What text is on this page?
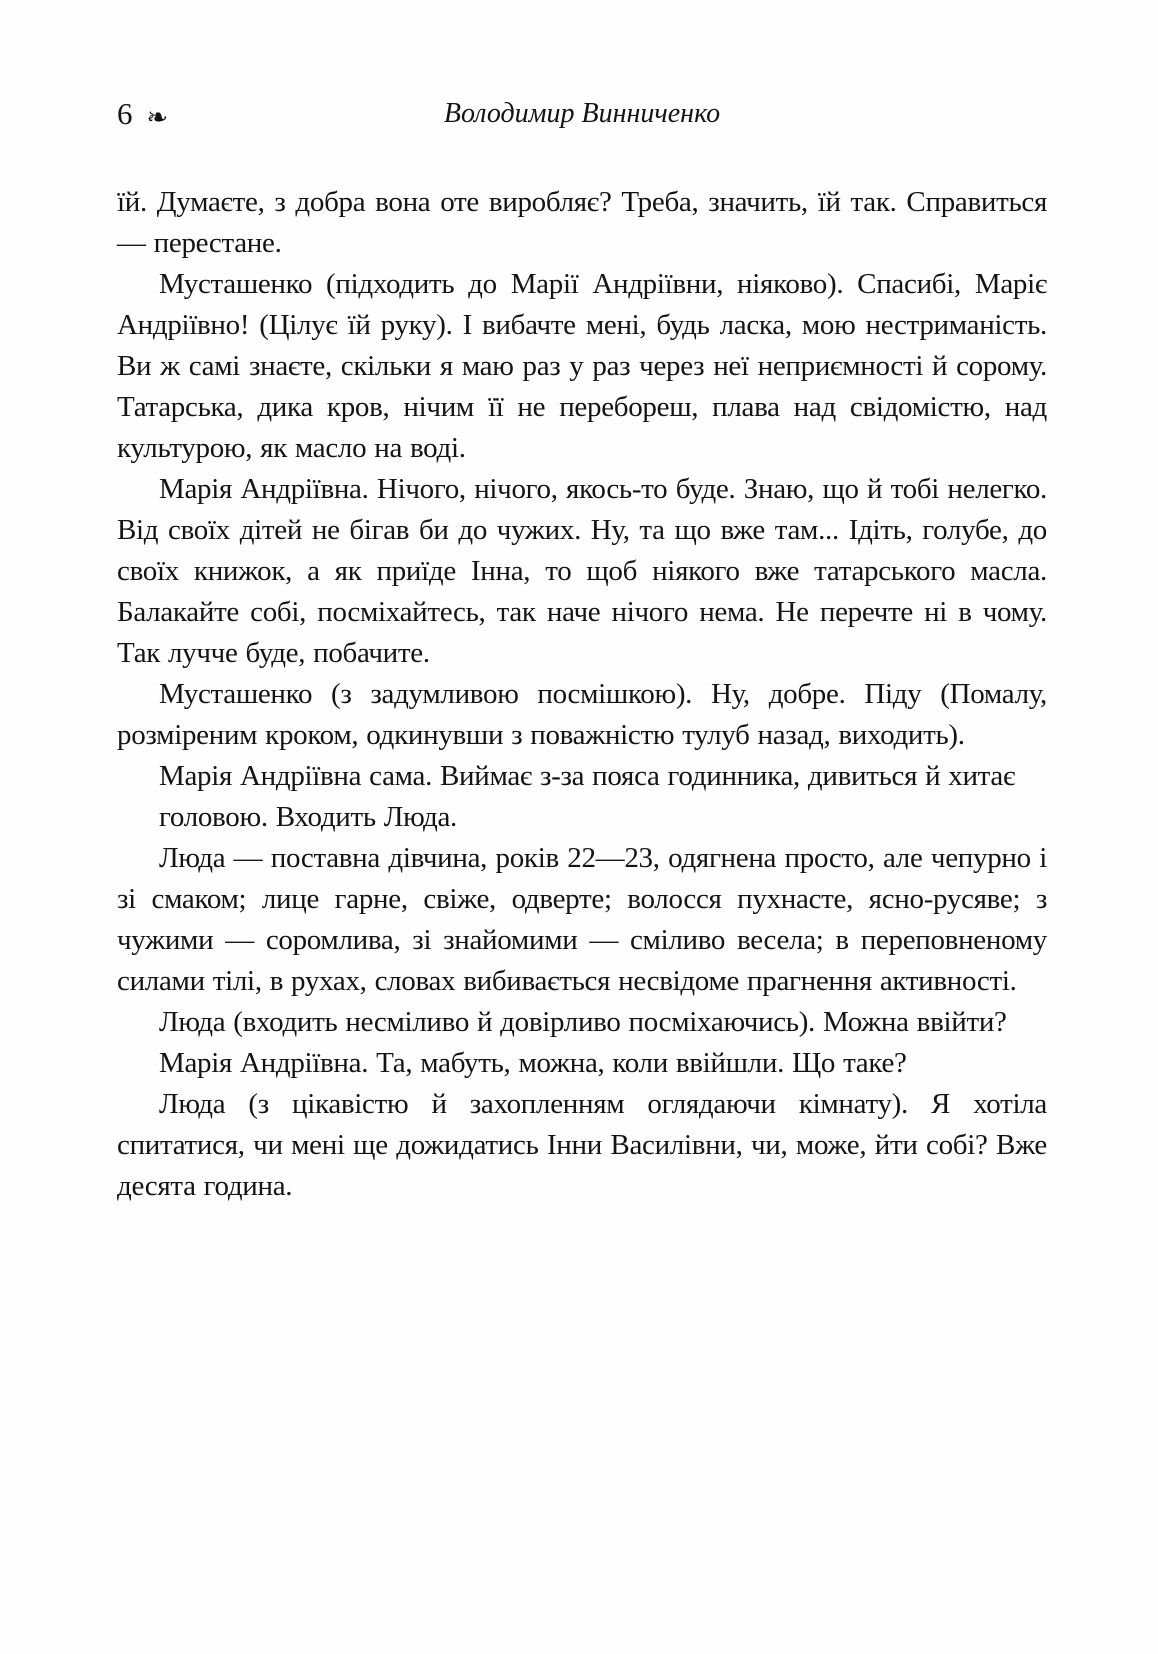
6 ❧	Володимир Винниченко

їй. Думаєте, з добра вона оте виробляє? Треба, значить, їй так. Справиться — перестане.

Мусташенко (підходить до Марії Андріївни, ніяково). Спасибі, Маріє Андріївно! (Цілує їй руку). І вибачте мені, будь ласка, мою нестриманість. Ви ж самі знаєте, скільки я маю раз у раз через неї неприємності й сорому. Татарська, дика кров, нічим її не перебореш, плава над свідомістю, над культурою, як масло на воді.

Марія Андріївна. Нічого, нічого, якось-то буде. Знаю, що й тобі нелегко. Від своїх дітей не бігав би до чужих. Ну, та що вже там... Ідіть, голубе, до своїх книжок, а як приїде Інна, то щоб ніякого вже татарського масла. Балакайте собі, посміхайтесь, так наче нічого нема. Не перечте ні в чому. Так лучче буде, побачите.

Мусташенко (з задумливою посмішкою). Ну, добре. Піду (Помалу, розміреним кроком, одкинувши з поважністю тулуб назад, виходить).

Марія Андріївна сама. Виймає з-за пояса годинника, дивиться й хитає

головою. Входить Люда.

Люда — поставна дівчина, років 22—23, одягнена просто, але чепурно і зі смаком; лице гарне, свіже, одверте; волосся пухнасте, ясно-русяве; з чужими — соромлива, зі знайомими — сміливо весела; в переповненому силами тілі, в рухах, словах вибивається несвідоме прагнення активності.

Люда (входить несміливо й довірливо посміхаючись). Можна ввійти?

Марія Андріївна. Та, мабуть, можна, коли ввійшли. Що таке?

Люда (з цікавістю й захопленням оглядаючи кімнату). Я хотіла спитатися, чи мені ще дожидатись Інни Василівни, чи, може, йти собі? Вже десята година.
